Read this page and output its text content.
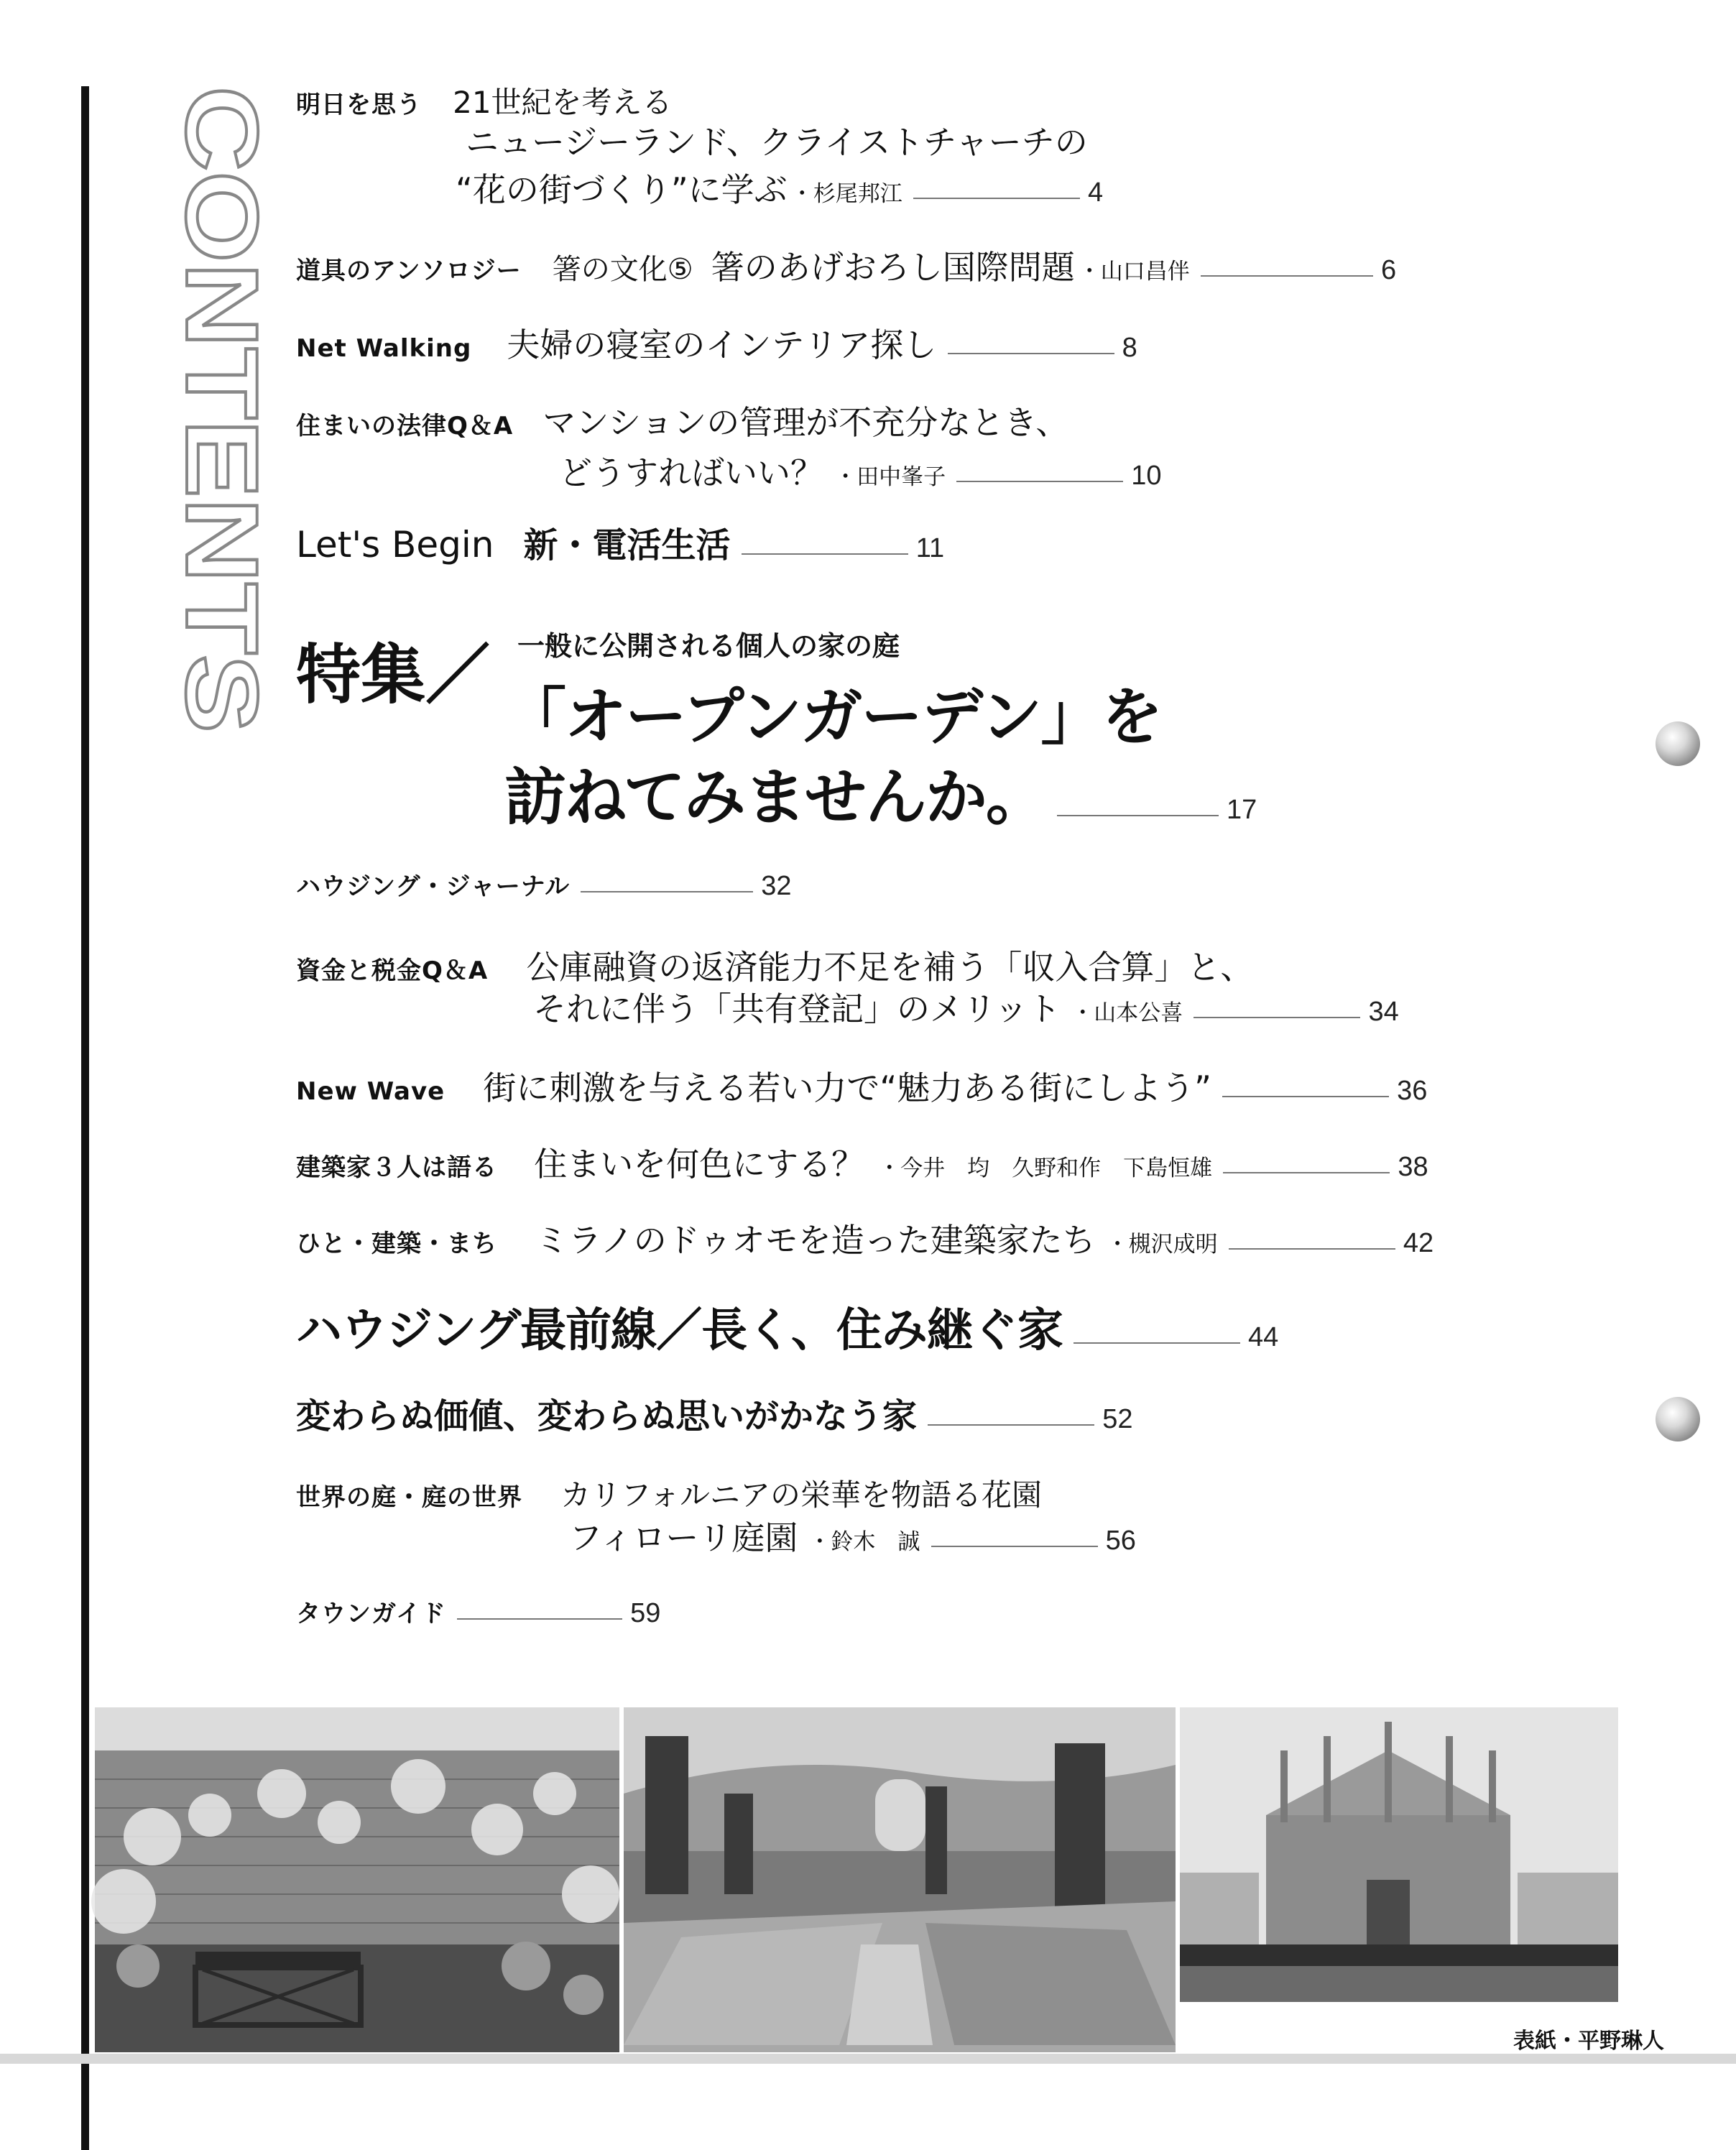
CONTENTS 明日を思う 21世紀を考える
ニュージーランド、クライストチャーチの
“花の街づくり”に学ぶ ・杉尾邦江	4
道具のアンソロジー 箸の文化⑤ 箸のあげおろし国際問題 ・山口昌伴	6
Net Walking 夫婦の寝室のインテリア探し	8
住まいの法律Q＆A マンションの管理が不充分なとき、
どうすればいい？ ・田中峯子	10
Let's Begin 新・電活生活	11
特集／ 一般に公開される個人の家の庭
「オープンガーデン」を
訪ねてみませんか。	17
ハウジング・ジャーナル	32
資金と税金Q＆A 公庫融資の返済能力不足を補う「収入合算」と、
それに伴う「共有登記」のメリット ・山本公喜	34
New Wave 街に刺激を与える若い力で“魅力ある街にしよう”	36
建築家３人は語る 住まいを何色にする？ ・今井　均　久野和作　下島恒雄	38
ひと・建築・まち ミラノのドゥオモを造った建築家たち ・槻沢成明	42
ハウジング最前線／長く、住み継ぐ家	44
変わらぬ価値、変わらぬ思いがかなう家	52
世界の庭・庭の世界 カリフォルニアの栄華を物語る花園
フィローリ庭園 ・鈴木　誠	56
タウンガイド	59
表紙・平野琳人
